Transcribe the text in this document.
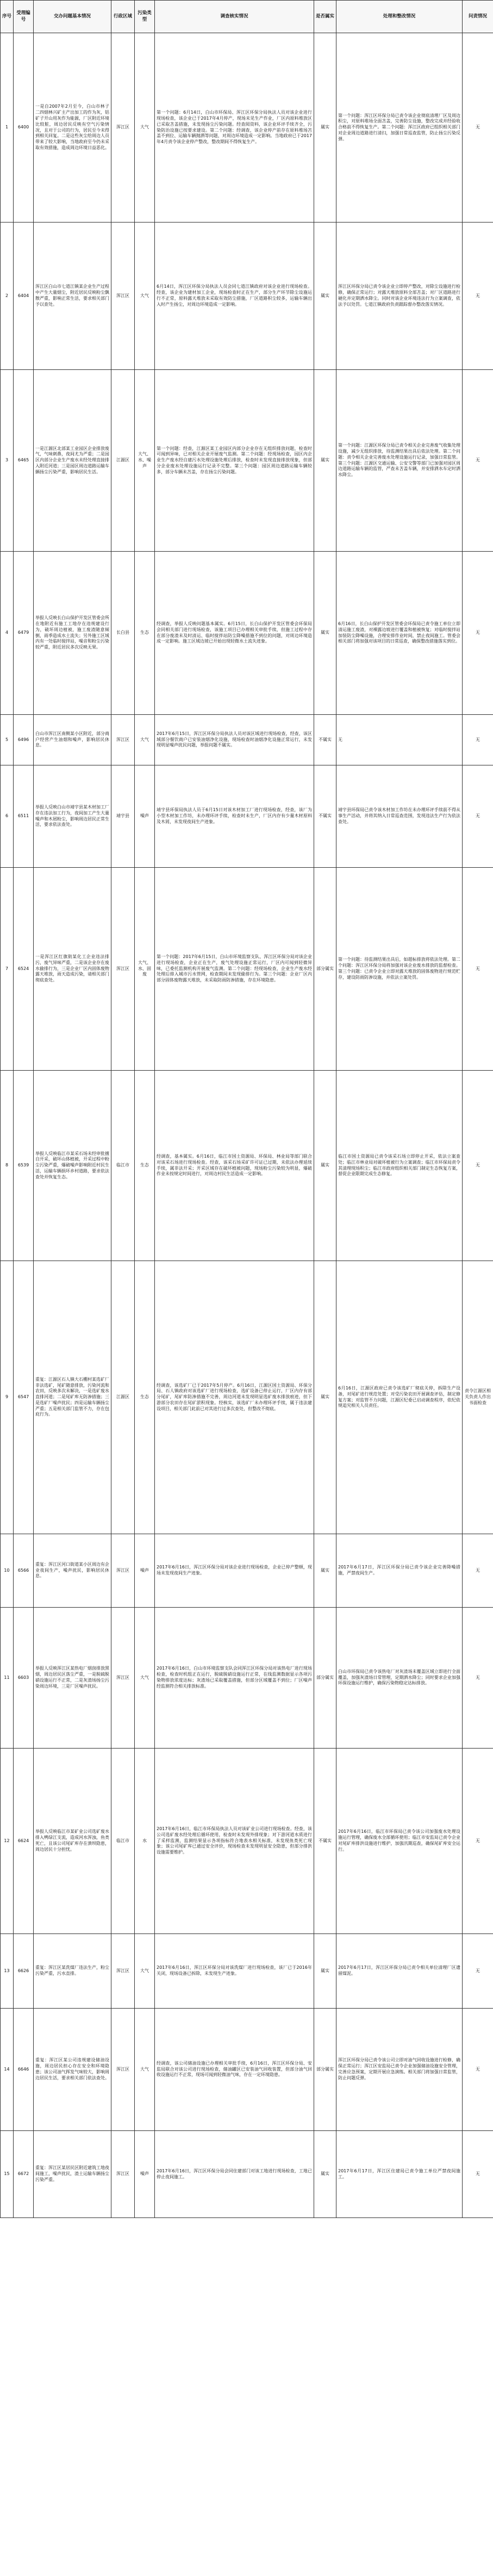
序号	受理编号	交办问题基本情况	行政区域	污染类型	调查核实情况	是否属实	处理和整改情况	问责情况
1	6400	一是自2007年2月至今，白山市林子二四烟林兴矿主产出加工的作为灰，铝矿子开山用灰作为能源，厂区附近环境比较脏，周边居民反映有空气污染情况，且对于公司的行为，居民至今未得到相关回复。二是这些灰尘给周边人员带来了较大影响，当地政府至今仍未采取有效措施，造成周边环境日益恶化。	浑江区	大气	第一个问题：6月14日，白山市环保局、浑江区环保分局执法人员对该企业进行现场检查，该企业已于2017年4月停产，现场未见生产作业，厂区内原料堆放区已采取苫盖措施，未发现扬尘污染问题。经查阅资料，该企业环评手续齐全，污染防治设施已按要求建设。第二个问题：经调查，该企业停产前存在原料堆场苫盖不到位、运输车辆抛洒等问题，对周边环境造成一定影响。当地政府已于2017年4月责令该企业停产整改，整改期间不得恢复生产。	属实	第一个问题：浑江区环保分局已责令该企业彻底清理厂区及周边积尘，对原料堆场全面苫盖，完善防尘设施，整改完成并经验收合格前不得恢复生产。第二个问题：浑江区政府已组织相关部门对企业周边道路进行清扫，加强日常巡查监管，防止扬尘污染反弹。	无
2	6404	浑江区白山市七道江镇某企业生产过程中产生大量烟尘，附近居民反映粉尘飘散严重，影响正常生活，要求相关部门予以查处。	浑江区	大气	6月14日，浑江区环保分局执法人员会同七道江镇政府对该企业进行现场检查。经查，该企业为建材加工企业，现场检查时正在生产，部分生产环节除尘设施运行不正常，原料露天堆放未采取有效防尘措施，厂区道路积尘较多，运输车辆出入时产生扬尘，对周边环境造成一定影响。	属实	浑江区环保分局已责令该企业立即停产整改，对除尘设施进行检修，确保正常运行；对露天堆放原料全部苫盖；对厂区道路进行硬化并定期洒水降尘。同时对该企业环境违法行为立案调查，依法予以处罚。七道江镇政府负责跟踪督办整改落实情况。	无
3	6465	一是江源区北部某工业园区企业排放废气，气味刺鼻，夜间尤为严重；二是园区内部分企业生产废水未经处理直接排入附近河道；三是园区周边道路运输车辆扬尘污染严重，影响居民生活。	江源区	大气、水、噪声	第一个问题：经查，江源区某工业园区内部分企业存在无组织排放问题，检查时可闻到异味，已对相关企业开展废气监测。第二个问题：经现场检查，园区内企业生产废水经自建污水处理设施处理后排放，检查时未发现直接排放现象，但部分企业废水处理设施运行记录不完整。第三个问题：园区周边道路运输车辆较多，部分车辆未苫盖，存在扬尘污染问题。	属实	第一个问题：江源区环保分局已责令相关企业完善废气收集处理设施，减少无组织排放，待监测结果出具后依法处理。第二个问题：责令相关企业完善废水处理设施运行记录，加强日常监管。第三个问题：江源区交通运输、公安交警等部门已加强对园区周边道路运输车辆的监管，严查未苫盖车辆，并安排洒水车定时洒水降尘。	无
4	6479	举报人反映长白山保护开发区管委会所在地附近有施工工地存在违规建设行为，破坏周边植被，施工废渣随意倾倒，雨季造成水土流失；另外施工区域内有一处临时搅拌站，噪音和粉尘污染较严重，附近居民多次反映无果。	长白县	生态	经调查，举报人反映问题基本属实。6月15日，长白山保护开发区管委会环保局会同相关部门进行现场检查，该施工项目已办理相关审批手续，但施工过程中存在部分废渣未及时清运、临时搅拌站防尘降噪措施不到位的问题，对周边环境造成一定影响。施工区域边坡已开始出现轻微水土流失迹象。	属实	6月16日，长白山保护开发区管委会环保局已责令施工单位立即清运施工废渣，对裸露边坡进行覆盖和植被恢复；对临时搅拌站加装防尘降噪设施，合理安排作业时间，禁止夜间施工。管委会相关部门将加强对该项目的日常巡查，确保整改措施落实到位。	无
5	6496	白山市浑江区南侧某小区附近，部分商户经营产生油烟和噪声，影响居民休息。	浑江区	大气	2017年6月15日，浑江区环保分局执法人员对该区域进行现场检查，经查，该区域部分餐饮商户已安装油烟净化设施，现场检查时油烟净化设施正常运行，未发现明显噪声扰民问题，举报问题不属实。	不属实	无	无
6	6511	举报人反映白山市靖宇县某木材加工厂存在违法加工行为，夜间加工产生大量噪声和木屑粉尘，影响周边居民正常生活，要求依法查处。	靖宇县	噪声	靖宇县环保局执法人员于6月15日对该木材加工厂进行现场检查，经查，该厂为小型木材加工作坊，未办理环评手续，检查时未生产，厂区内存有少量木材原料及木屑，未发现夜间生产迹象。	不属实	靖宇县环保局已责令该木材加工作坊在未办理环评手续前不得从事生产活动，并将其纳入日常巡查范围，发现违法生产行为依法查处。	无
7	6524	一是浑江区红旗街某化工企业违法排污，废气异味严重，二是该企业存在废水偷排行为，三是企业厂区内固体废物露天堆放，雨天造成污染，请相关部门彻底查处。	浑江区	大气、水、固废	第一个问题：2017年6月15日，白山市环境监察支队、浑江区环保分局对该企业进行现场检查，企业正在生产，废气处理设施正常运行，厂区内可闻到轻微异味，已委托监测机构开展废气监测。第二个问题：经现场检查，企业生产废水经处理后排入城市污水管网，检查期间未发现偷排行为。第三个问题：企业厂区内部分固体废物露天堆放，未采取防雨防渗措施，存在环境隐患。	部分属实	第一个问题：待监测结果出具后，如超标排放将依法处理。第二个问题：浑江区环保分局将加强对该企业废水排放的监督检查。第三个问题：已责令企业立即对露天堆放的固体废物进行规范贮存，建设防雨防渗设施，并依法立案处罚。	无
8	6539	举报人反映临江市某采石场未经审批擅自开采，破坏山体植被，开采过程中粉尘污染严重，爆破噪声影响附近村民生活，运输车辆损坏乡村道路，要求依法查处并恢复生态。	临江市	生态	经调查，基本属实。6月16日，临江市国土资源局、环保局、林业局等部门联合对该采石场进行现场检查。经查，该采石场采矿许可证已过期，未依法办理延续手续，属非法开采；开采区域存在破坏植被问题，现场粉尘污染较为明显，爆破作业未按规定时间进行，对周边村民生活造成一定影响。	属实	临江市国土资源局已责令该采石场立即停止开采，依法立案查处；临江市林业局对破坏植被行为立案调查；临江市环保局责令其清理现场积尘；临江市政府组织相关部门制定生态恢复方案，督促企业限期完成生态修复。	无
9	6547	重复：江源区石人镇大石棚村某选矿厂非法选矿，尾矿随意排放，污染河流和农田，反映多次未解决，一是选矿废水直排河道；二是尾矿库无防渗措施；三是选矿厂噪声扰民；四是运输车辆扬尘严重；五是相关部门监管不力，存在包庇行为。	江源区	生态	经调查，该选矿厂已于2017年5月停产。6月16日，江源区国土资源局、环保分局、石人镇政府对该选矿厂进行现场检查，选矿设备已停止运行，厂区内存有部分尾矿，尾矿库防渗措施不完善，周边河道未发现明显选矿废水排放痕迹，但下游部分农田存在尾矿淤积现象。经核实，该选矿厂未办理环评手续，属于违法建设项目，相关部门此前已对其进行过多次查处，但整改不彻底。	属实	6月16日，江源区政府已责令该选矿厂彻底关停，拆除生产设备，对尾矿进行规范处置；对受污染农田开展调查评估，制定修复方案；对监管不力问题，江源区纪委已启动调查程序，依纪依规追究相关人员责任。	责令江源区相关负责人作出书面检查
10	6566	重复：浑江区河口街道某小区周边有企业夜间生产，噪声扰民，影响居民休息。	浑江区	噪声	2017年6月16日，浑江区环保分局对该企业进行现场检查，企业已停产整顿，现场未发现夜间生产迹象。	属实	2017年6月17日，浑江区环保分局已责令该企业完善降噪措施，严禁夜间生产。	无
11	6603	举报人反映浑江区某热电厂烟囱排放黑烟，周边居民区落尘严重，一是脱硫脱硝设施运行不正常，二是灰渣场扬尘污染周边环境，三是厂区噪声扰民。	浑江区	大气	2017年6月16日，白山市环境监察支队会同浑江区环保分局对该热电厂进行现场检查，检查时机组正在运行，脱硫脱硝设施运行正常，在线监测数据显示各项污染物排放浓度达标；灰渣场已采取覆盖措施，但部分区域覆盖不到位；厂区噪声经监测符合相关排放标准。	部分属实	白山市环保局已责令该热电厂对灰渣场未覆盖区域立即进行全面覆盖，加强灰渣场日常管理，定期洒水降尘；同时要求企业加强环保设施运行维护，确保污染物稳定达标排放。	无
12	6624	举报人反映临江市某矿业公司选矿废水排入鸭绿江支流，造成河水浑浊，鱼类死亡，且该公司尾矿库存在溃坝隐患，周边居民十分担忧。	临江市	水	2017年6月16日，临江市环保局执法人员对该矿业公司进行现场检查。经查，该公司选矿废水经处理后循环使用，检查时未发现外排现象；对下游河道水质进行了采样监测，监测结果显示各项指标符合地表水相关标准，未发现鱼类死亡现象；该公司尾矿库已通过安全评价，现场检查未发现明显安全隐患，但部分排洪设施需要维护。	不属实	2017年6月16日，临江市环保局已责令该公司加强废水处理设施运行管理，确保废水全部循环使用；临江市安监局已责令企业对尾矿库排洪设施进行维护，加强汛期巡查，确保尾矿库安全运行。	无
13	6626	重复：浑江区某洗煤厂违法生产，粉尘污染严重，污水直排。	浑江区	大气	2017年6月16日，浑江区环保分局对该洗煤厂进行现场检查，该厂已于2016年关闭，现场设备已拆除，未发现生产迹象。	属实	2017年6月17日，浑江区环保分局已责令相关单位清理厂区遗留煤泥。	无
14	6646	重复：浑江区某公司违规建设储油设施，周边居民担心存在安全和环境隐患；该公司油气挥发气味较大，影响周边居民生活，要求相关部门依法查处。	浑江区	大气	经调查，该公司储油设施已办理相关审批手续，6月16日，浑江区环保分局、安监局联合对该公司进行现场检查，储油罐区已安装油气回收装置，但部分油气回收设施运行不正常，现场可闻到轻微油气味，存在一定环境隐患。	部分属实	浑江区环保分局已责令该公司立即对油气回收设施进行检修，确保正常运行；浑江区安监局已责令企业加强储油设施安全管理，完善应急预案，定期开展应急演练。相关部门将加强日常监管，防止问题反弹。	无
15	6672	重复：浑江区某居民区附近建筑工地夜间施工，噪声扰民，渣土运输车辆扬尘污染严重。	浑江区	噪声	2017年6月16日，浑江区环保分局会同住建部门对该工地进行现场检查，工地已停止夜间施工。	属实	2017年6月17日，浑江区住建局已责令施工单位严禁夜间施工。	无
